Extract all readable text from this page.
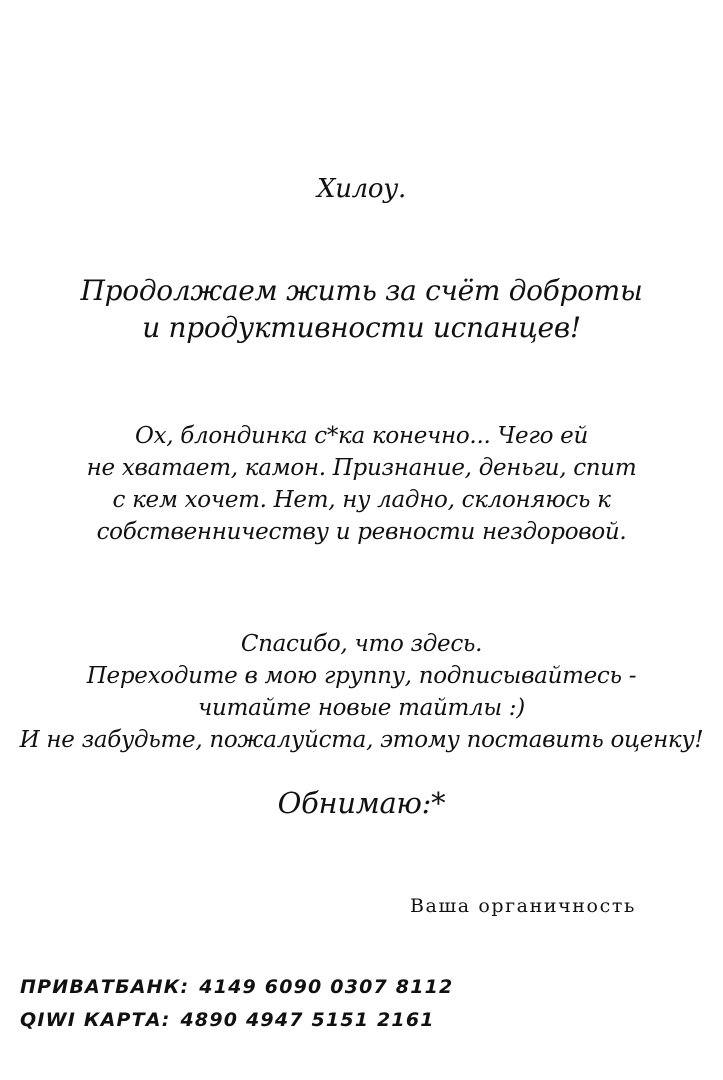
Хилоу.
Продолжаем жить за счёт доброты
и продуктивности испанцев!
Ох, блондинка с*ка конечно... Чего ей
не хватает, камон. Признание, деньги, спит
с кем хочет. Нет, ну ладно, склоняюсь к
собственничеству и ревности нездоровой.
Спасибо, что здесь.
Переходите в мою группу, подписывайтесь -
читайте новые тайтлы :)
И не забудьте, пожалуйста, этому поставить оценку!
Обнимаю:*
Ваша органичность
ПРИВАТБАНК: 4149 6090 0307 8112
QIWI КАРТА: 4890 4947 5151 2161
